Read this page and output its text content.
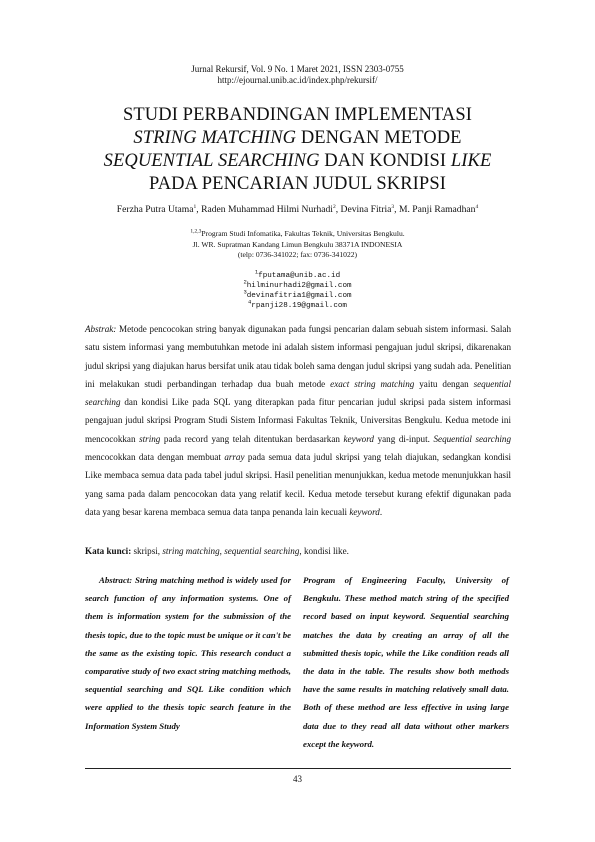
Jurnal Rekursif, Vol. 9 No. 1 Maret 2021, ISSN 2303-0755
http://ejournal.unib.ac.id/index.php/rekursif/
STUDI PERBANDINGAN IMPLEMENTASI
STRING MATCHING DENGAN METODE
SEQUENTIAL SEARCHING DAN KONDISI LIKE
PADA PENCARIAN JUDUL SKRIPSI
Ferzha Putra Utama$^1$, Raden Muhammad Hilmi Nurhadi$^2$, Devina Fitria$^3$, M. Panji Ramadhan$^4$
$^{1,2,3}$Program Studi Infomatika, Fakultas Teknik, Universitas Bengkulu.
Jl. WR. Supratman Kandang Limun Bengkulu 38371A INDONESIA
(telp: 0736-341022; fax: 0736-341022)
$^1$fputama@unib.ac.id
$^2$hilminurhadi2@gmail.com
$^3$devinafitria1@gmail.com
$^4$rpanji28.19@gmail.com
Abstrak: Metode pencocokan string banyak digunakan pada fungsi pencarian dalam sebuah sistem informasi. Salah satu sistem informasi yang membutuhkan metode ini adalah sistem informasi pengajuan judul skripsi, dikarenakan judul skripsi yang diajukan harus bersifat unik atau tidak boleh sama dengan judul skripsi yang sudah ada. Penelitian ini melakukan studi perbandingan terhadap dua buah metode exact string matching yaitu dengan sequential searching dan kondisi Like pada SQL yang diterapkan pada fitur pencarian judul skripsi pada sistem informasi pengajuan judul skripsi Program Studi Sistem Informasi Fakultas Teknik, Universitas Bengkulu. Kedua metode ini mencocokkan string pada record yang telah ditentukan berdasarkan keyword yang di-input. Sequential searching mencocokkan data dengan membuat array pada semua data judul skripsi yang telah diajukan, sedangkan kondisi Like membaca semua data pada tabel judul skripsi. Hasil penelitian menunjukkan, kedua metode menunjukkan hasil yang sama pada dalam pencocokan data yang relatif kecil. Kedua metode tersebut kurang efektif digunakan pada data yang besar karena membaca semua data tanpa penanda lain kecuali keyword.
Kata kunci: skripsi, string matching, sequential searching, kondisi like.
Abstract: String matching method is widely used for search function of any information systems. One of them is information system for the submission of the thesis topic, due to the topic must be unique or it can't be the same as the existing topic. This research conduct a comparative study of two exact string matching methods, sequential searching and SQL Like condition which were applied to the thesis topic search feature in the Information System Study
Program of Engineering Faculty, University of Bengkulu. These method match string of the specified record based on input keyword. Sequential searching matches the data by creating an array of all the submitted thesis topic, while the Like condition reads all the data in the table. The results show both methods have the same results in matching relatively small data. Both of these method are less effective in using large data due to they read all data without other markers except the keyword.
43
